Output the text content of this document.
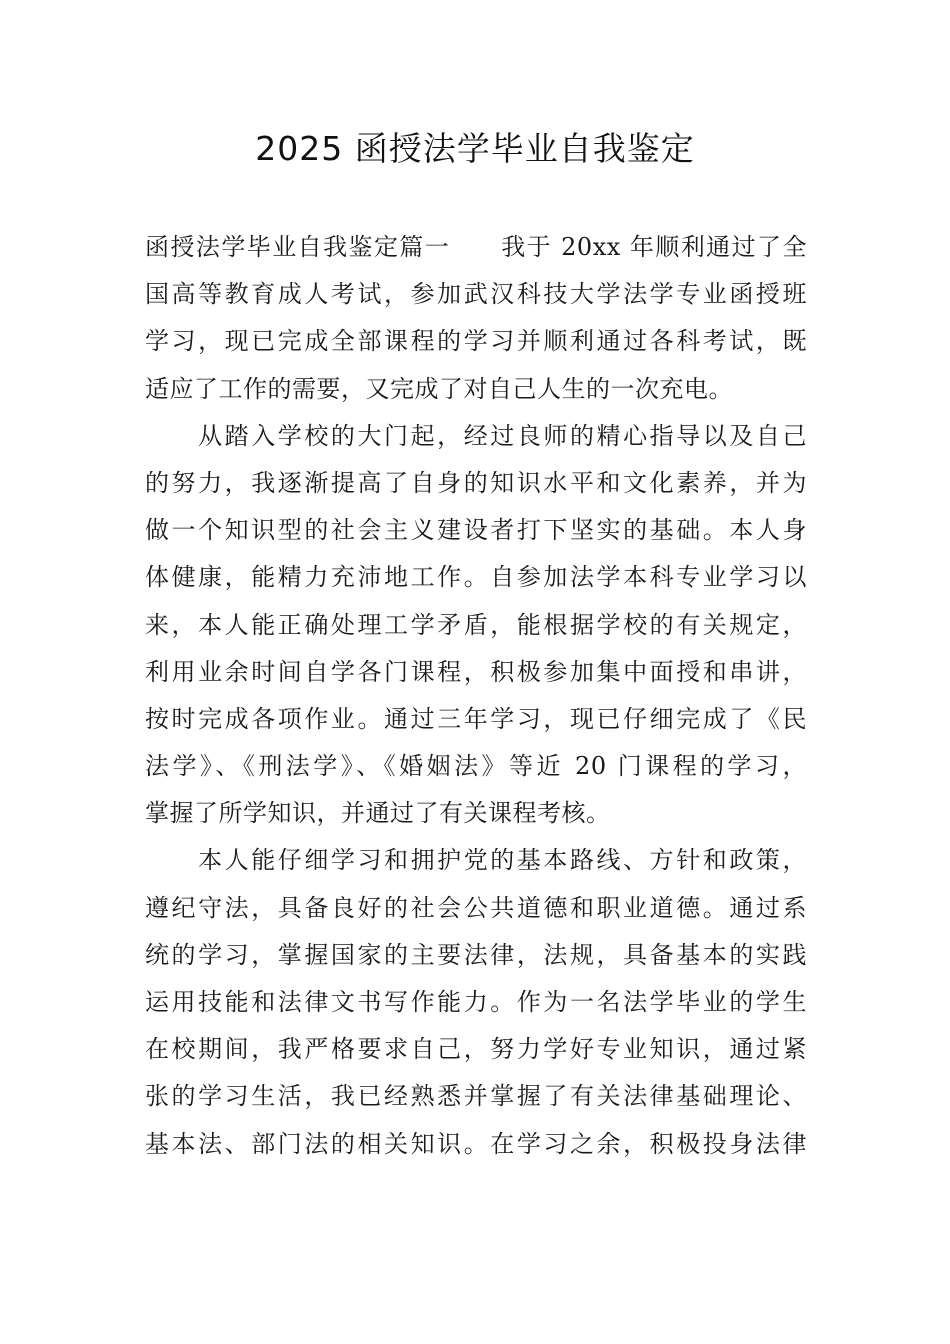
2025 函授法学毕业自我鉴定

函授法学毕业自我鉴定篇一　　我于 20xx 年顺利通过了全
国高等教育成人考试，参加武汉科技大学法学专业函授班
学习，现已完成全部课程的学习并顺利通过各科考试，既
适应了工作的需要，又完成了对自己人生的一次充电。

　　从踏入学校的大门起，经过良师的精心指导以及自己
的努力，我逐渐提高了自身的知识水平和文化素养，并为
做一个知识型的社会主义建设者打下坚实的基础。本人身
体健康，能精力充沛地工作。自参加法学本科专业学习以
来，本人能正确处理工学矛盾，能根据学校的有关规定，
利用业余时间自学各门课程，积极参加集中面授和串讲，
按时完成各项作业。通过三年学习，现已仔细完成了《民
法学》、《刑法学》、《婚姻法》等近 20 门课程的学习，
掌握了所学知识，并通过了有关课程考核。

　　本人能仔细学习和拥护党的基本路线、方针和政策，
遵纪守法，具备良好的社会公共道德和职业道德。通过系
统的学习，掌握国家的主要法律，法规，具备基本的实践
运用技能和法律文书写作能力。作为一名法学毕业的学生
在校期间，我严格要求自己，努力学好专业知识，通过紧
张的学习生活，我已经熟悉并掌握了有关法律基础理论、
基本法、部门法的相关知识。在学习之余，积极投身法律
